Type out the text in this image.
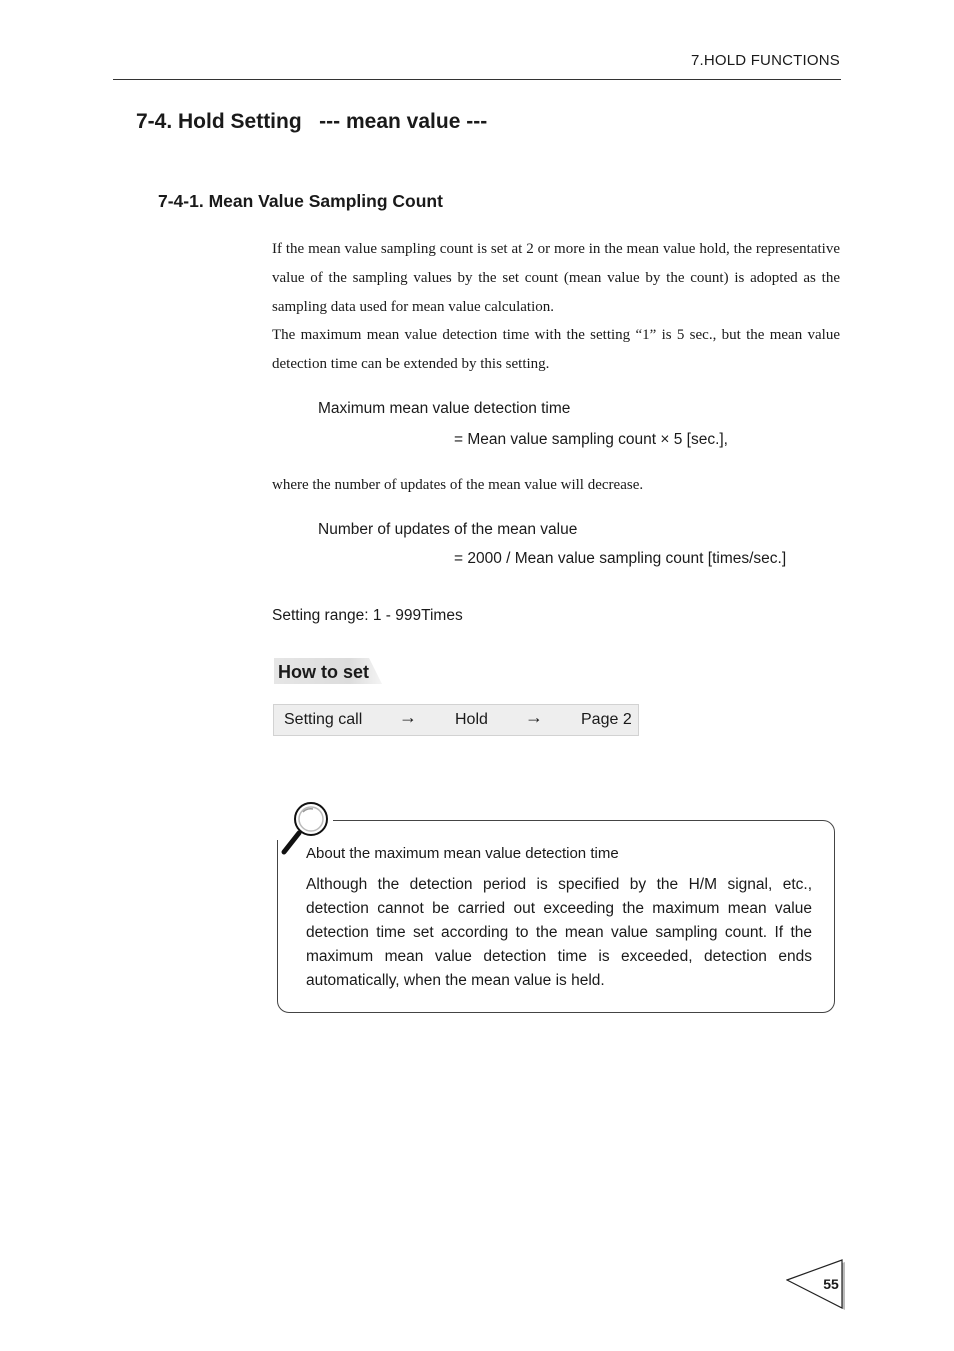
7.HOLD FUNCTIONS
7-4. Hold Setting   --- mean value ---
7-4-1. Mean Value Sampling Count
If the mean value sampling count is set at 2 or more in the mean value hold, the representative value of the sampling values by the set count (mean value by the count) is adopted as the sampling data used for mean value calculation.
The maximum mean value detection time with the setting “1” is 5 sec., but the mean value detection time can be extended by this setting.
Maximum mean value detection time
= Mean value sampling count × 5 [sec.],
where the number of updates of the mean value will decrease.
Number of updates of the mean value
= 2000 / Mean value sampling count [times/sec.]
Setting range: 1 - 999Times
How to set
Setting call → Hold → Page 2
About the maximum mean value detection time
Although the detection period is specified by the H/M signal, etc., detection cannot be carried out exceeding the maximum mean value detection time set according to the mean value sampling count. If the maximum mean value detection time is exceeded, detection ends automatically, when the mean value is held.
55
